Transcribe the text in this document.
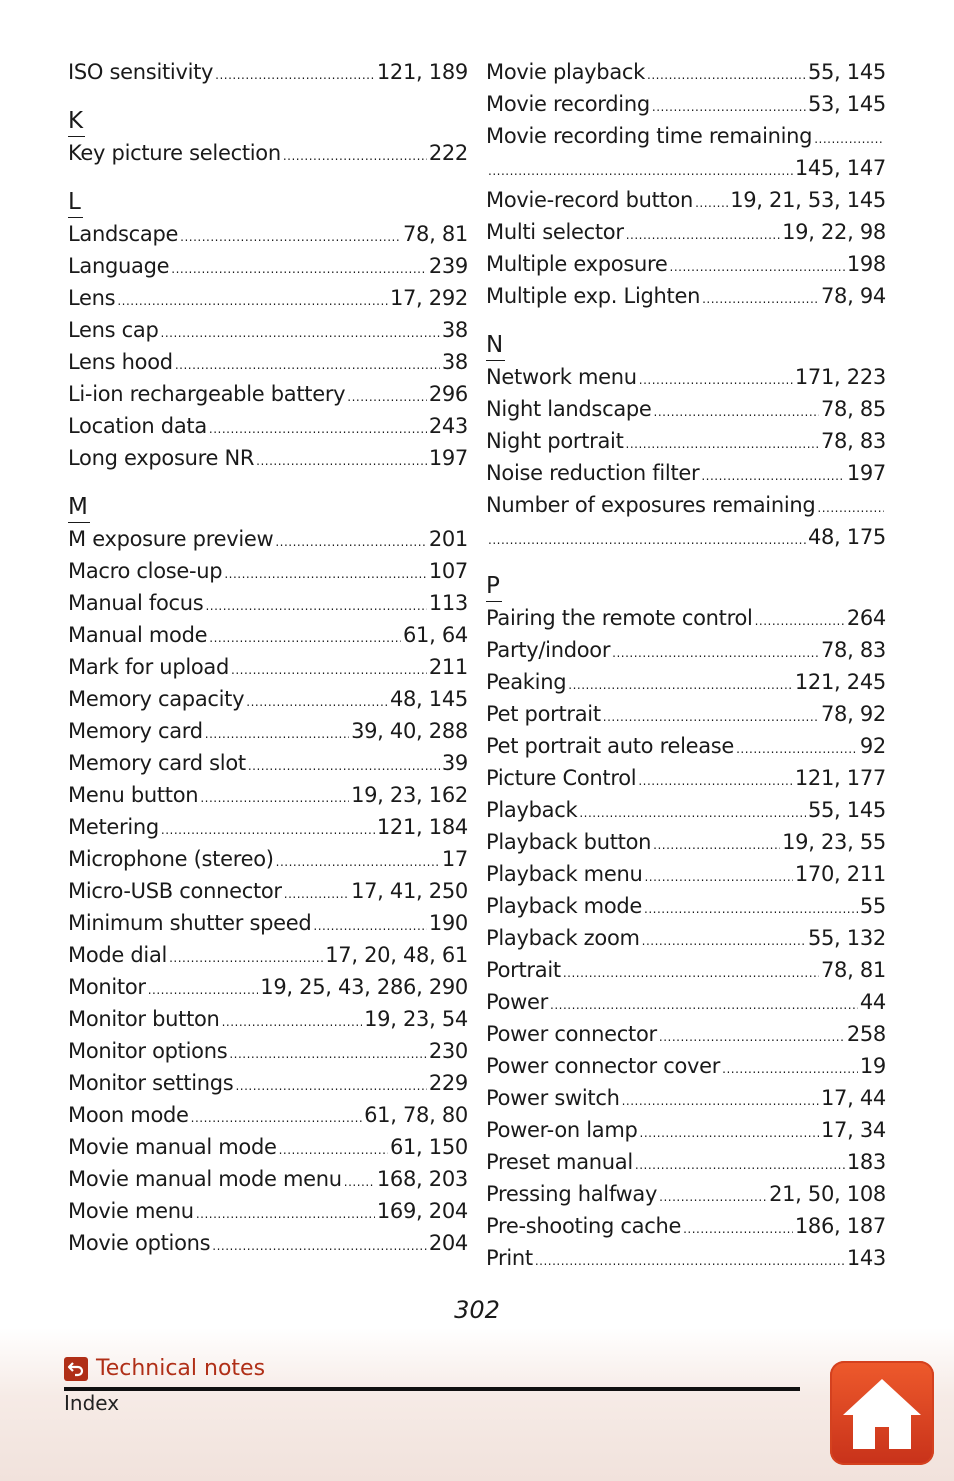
ISO sensitivity .....	121, 189
K
Key picture selection .....	222
L
Landscape .....	78, 81
Language .....	239
Lens .....	17, 292
Lens cap .....	38
Lens hood .....	38
Li-ion rechargeable battery .....	296
Location data .....	243
Long exposure NR .....	197
M
M exposure preview .....	201
Macro close-up .....	107
Manual focus .....	113
Manual mode .....	61, 64
Mark for upload .....	211
Memory capacity .....	48, 145
Memory card .....	39, 40, 288
Memory card slot .....	39
Menu button .....	19, 23, 162
Metering .....	121, 184
Microphone (stereo) .....	17
Micro-USB connector .....	17, 41, 250
Minimum shutter speed .....	190
Mode dial .....	17, 20, 48, 61
Monitor .....	19, 25, 43, 286, 290
Monitor button .....	19, 23, 54
Monitor options .....	230
Monitor settings .....	229
Moon mode .....	61, 78, 80
Movie manual mode .....	61, 150
Movie manual mode menu ..... 168, 203
Movie menu .....	169, 204
Movie options .....	204
Movie playback .....	55, 145
Movie recording .....	53, 145
Movie recording time remaining
.....
.....
145, 147
Movie-record button ..... 19, 21, 53, 145
Multi selector .....	19, 22, 98
Multiple exposure .....	198
Multiple exp. Lighten .....	78, 94
N
Network menu .....	171, 223
Night landscape .....	78, 85
Night portrait .....	78, 83
Noise reduction filter .....	197
Number of exposures remaining
.....
.....
48, 175
P
Pairing the remote control .....	264
Party/indoor .....	78, 83
Peaking .....	121, 245
Pet portrait .....	78, 92
Pet portrait auto release .....	92
Picture Control .....	121, 177
Playback .....	55, 145
Playback button .....	19, 23, 55
Playback menu .....	170, 211
Playback mode .....	55
Playback zoom .....	55, 132
Portrait .....	78, 81
Power .....	44
Power connector .....	258
Power connector cover .....	19
Power switch .....	17, 44
Power-on lamp .....	17, 34
Preset manual .....	183
Pressing halfway .....	21, 50, 108
Pre-shooting cache .....	186, 187
Print .....	143
302
Technical notes
Index
